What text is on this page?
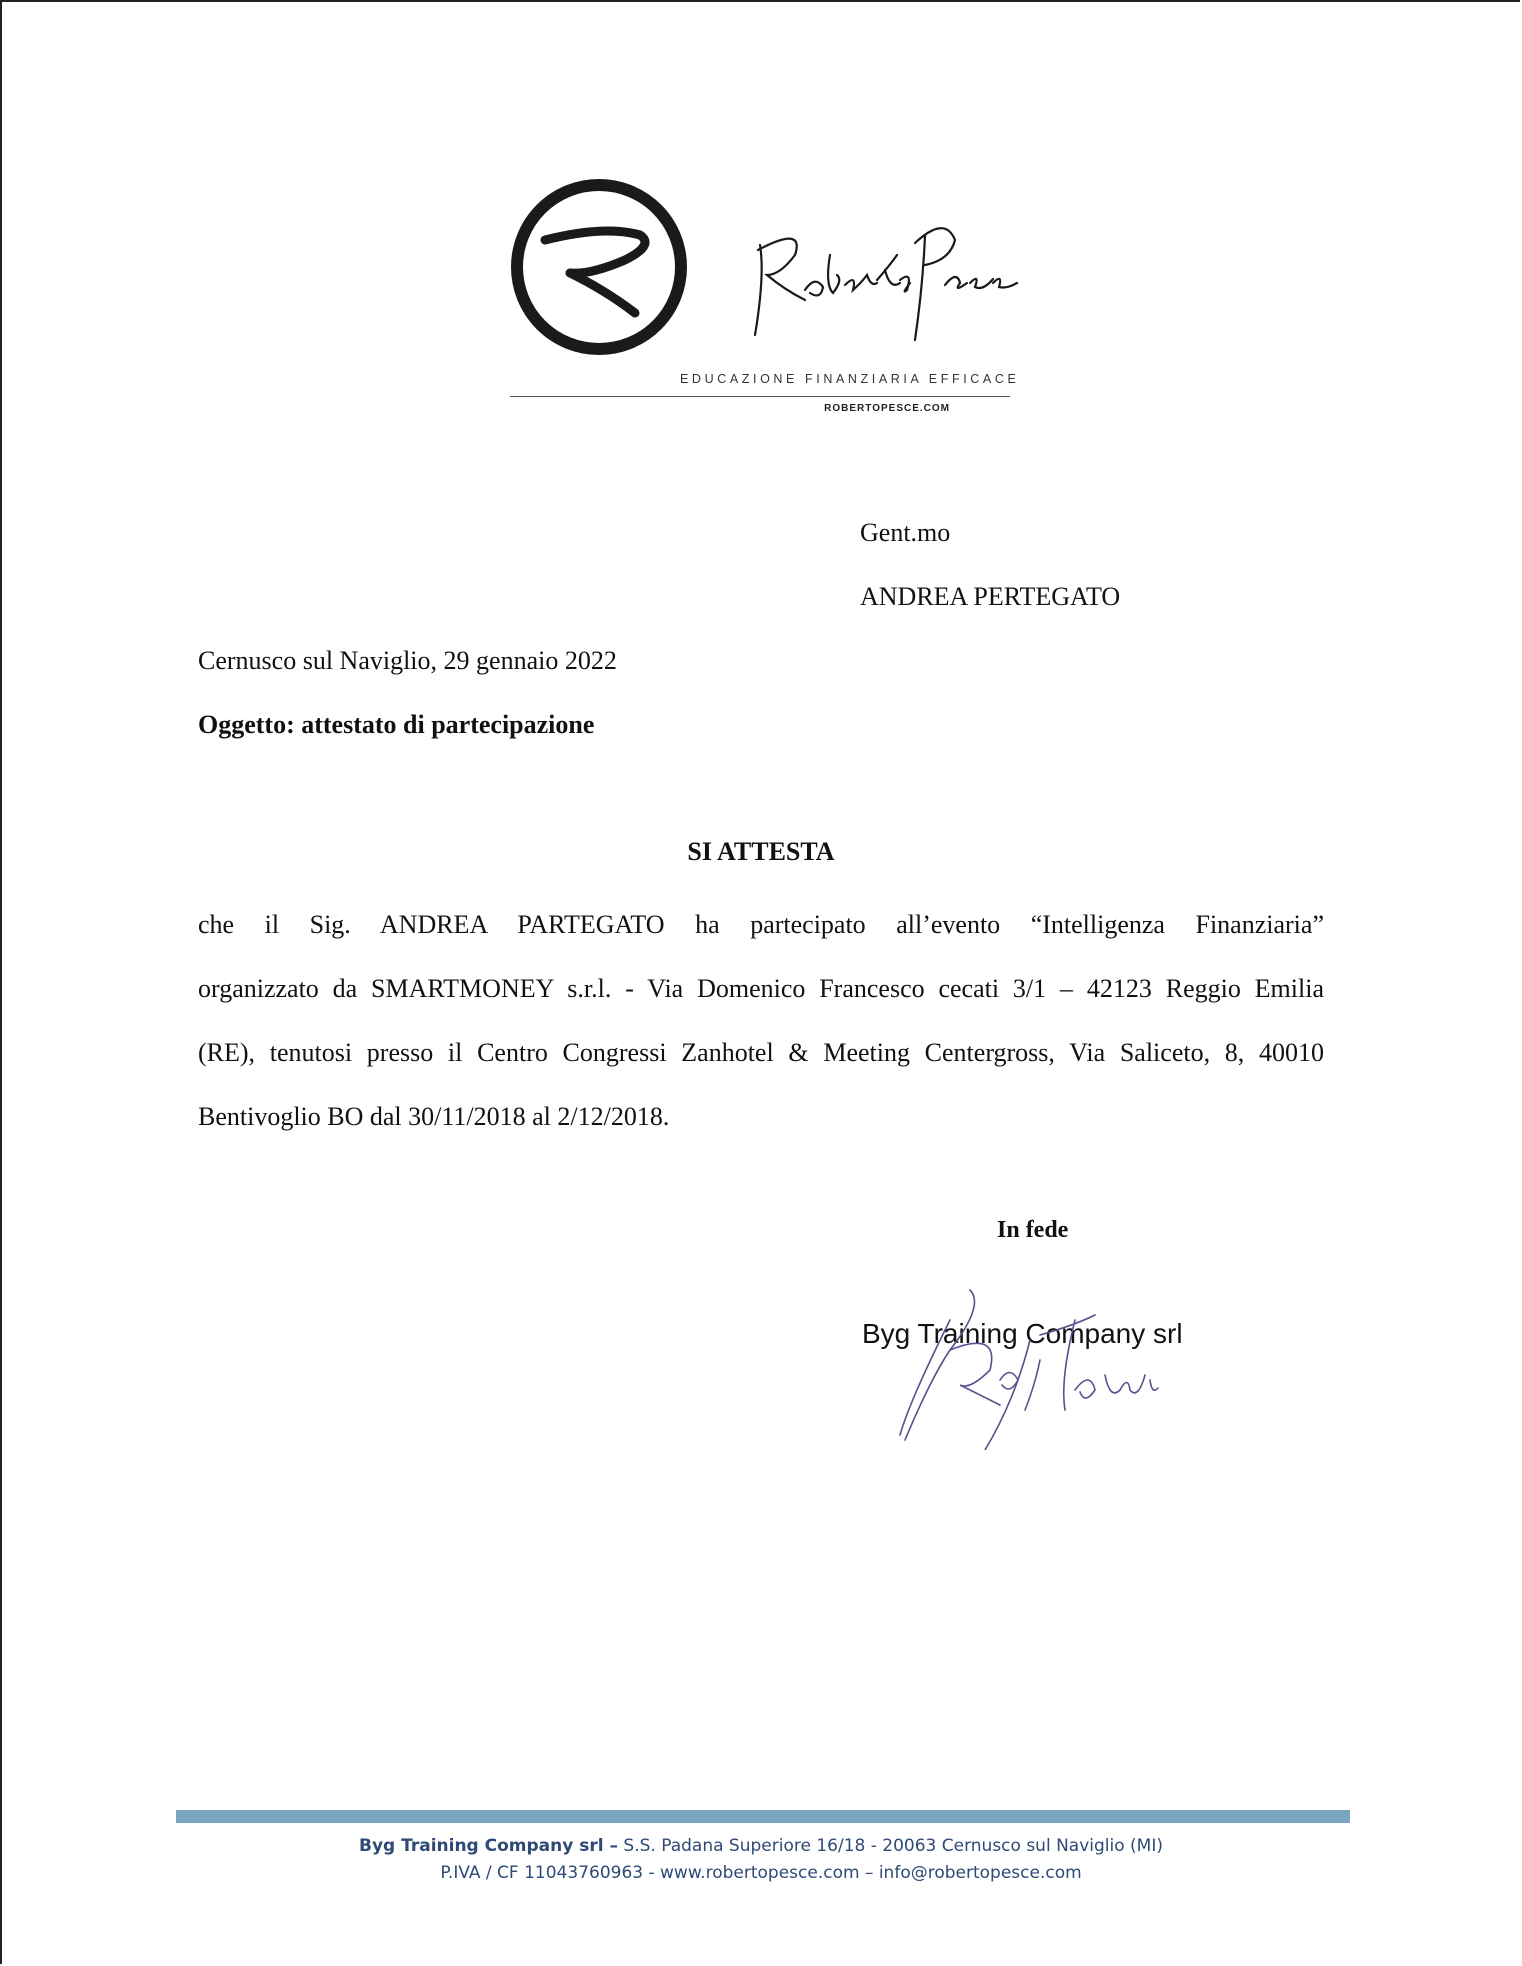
EDUCAZIONE FINANZIARIA EFFICACE
ROBERTOPESCE.COM
Gent.mo
ANDREA PERTEGATO
Cernusco sul Naviglio, 29 gennaio 2022
Oggetto: attestato di partecipazione
SI ATTESTA
che il Sig. ANDREA PARTEGATO ha partecipato all’evento “Intelligenza Finanziaria”
organizzato da SMARTMONEY s.r.l. - Via Domenico Francesco cecati 3/1 – 42123 Reggio Emilia
(RE), tenutosi presso il Centro Congressi Zanhotel & Meeting Centergross, Via Saliceto, 8, 40010
Bentivoglio BO dal 30/11/2018 al 2/12/2018.
In fede
Byg Training Company srl
Byg Training Company srl – S.S. Padana Superiore 16/18 - 20063 Cernusco sul Naviglio (MI)
P.IVA / CF 11043760963 - www.robertopesce.com – info@robertopesce.com
